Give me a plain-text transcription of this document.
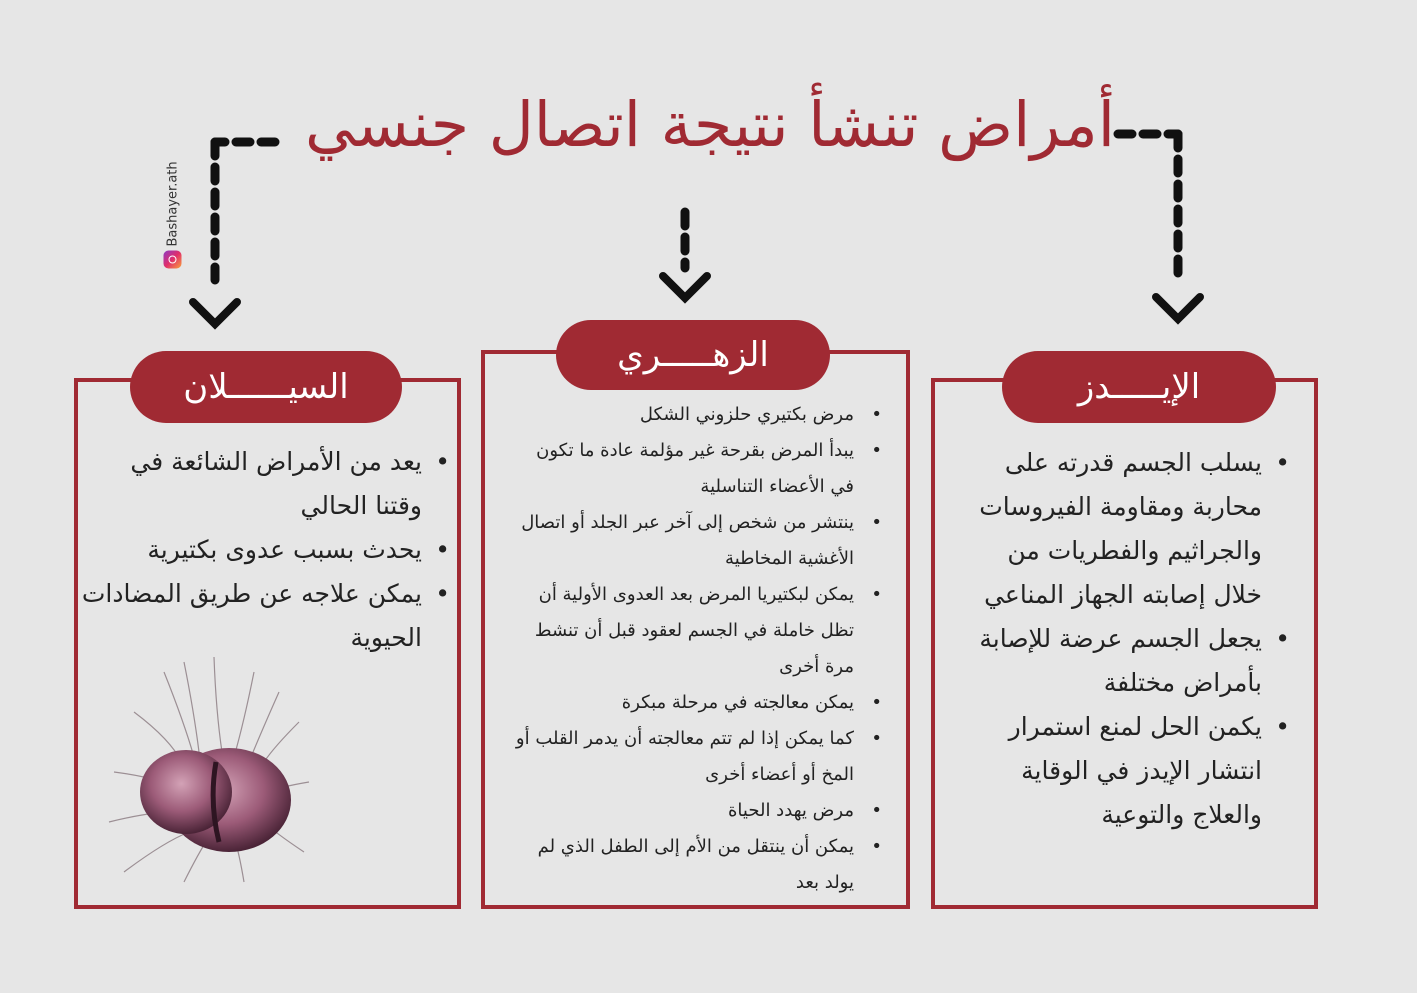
أمراض تنشأ نتيجة اتصال جنسي
Bashayer.ath
السيــــــلان
• يعد من الأمراض الشائعة في وقتنا الحالي
• يحدث بسبب عدوى بكتيرية
• يمكن علاجه عن طريق المضادات الحيوية
الزهـــــري
• مرض بكتيري حلزوني الشكل
• يبدأ المرض بقرحة غير مؤلمة عادة ما تكون في الأعضاء التناسلية
• ينتشر من شخص إلى آخر عبر الجلد أو اتصال الأغشية المخاطية
• يمكن لبكتيريا المرض بعد العدوى الأولية أن تظل خاملة في الجسم لعقود قبل أن تنشط مرة أخرى
• يمكن معالجته في مرحلة مبكرة
• كما يمكن إذا لم تتم معالجته أن يدمر القلب أو المخ أو أعضاء أخرى
• مرض يهدد الحياة
• يمكن أن ينتقل من الأم إلى الطفل الذي لم يولد بعد
الإيـــــدز
• يسلب الجسم قدرته على محاربة ومقاومة الفيروسات والجراثيم والفطريات من خلال إصابته الجهاز المناعي
• يجعل الجسم عرضة للإصابة بأمراض مختلفة
• يكمن الحل لمنع استمرار انتشار الإيدز في الوقاية والعلاج والتوعية
